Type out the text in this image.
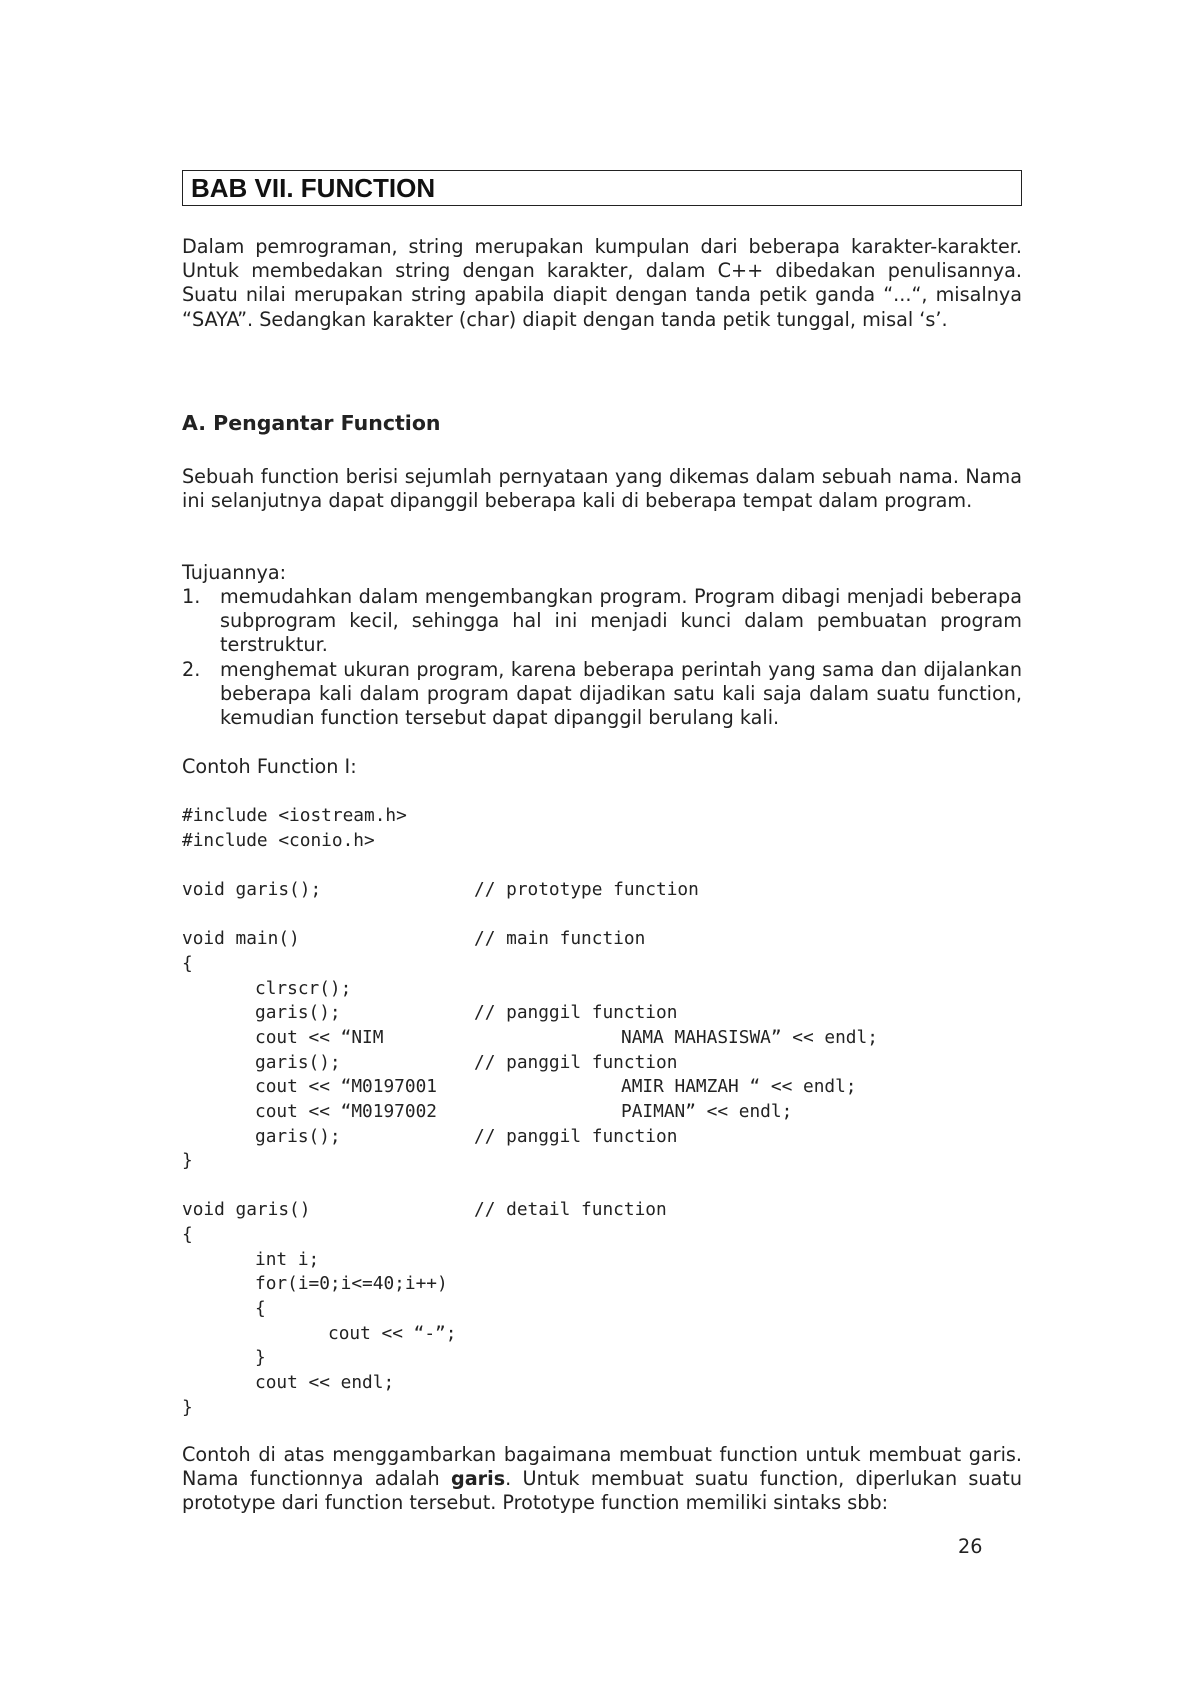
BAB VII. FUNCTION

Dalam pemrograman, string merupakan kumpulan dari beberapa karakter-karakter. Untuk membedakan string dengan karakter, dalam C++ dibedakan penulisannya. Suatu nilai merupakan string apabila diapit dengan tanda petik ganda “...“, misalnya “SAYA”. Sedangkan karakter (char) diapit dengan tanda petik tunggal, misal ‘s’.

A. Pengantar Function

Sebuah function berisi sejumlah pernyataan yang dikemas dalam sebuah nama. Nama ini selanjutnya dapat dipanggil beberapa kali di beberapa tempat dalam program.

Tujuannya:

1.	memudahkan dalam mengembangkan program. Program dibagi menjadi beberapa subprogram kecil, sehingga hal ini menjadi kunci dalam pembuatan program terstruktur.
2.	menghemat ukuran program, karena beberapa perintah yang sama dan dijalankan beberapa kali dalam program dapat dijadikan satu kali saja dalam suatu function, kemudian function tersebut dapat dipanggil berulang kali.

Contoh Function I:

#include <iostream.h>
#include <conio.h>
void garis();	// prototype function
void main()	// main function
{
clrscr();
garis();	// panggil function
cout << “NIM	NAMA MAHASISWA” << endl;
garis();	// panggil function
cout << “M0197001	AMIR HAMZAH “ << endl;
cout << “M0197002	PAIMAN” << endl;
garis();	// panggil function
}
void garis()	// detail function
{
int i;
for(i=0;i<=40;i++)
{
cout << “-”;
}
cout << endl;
}

Contoh di atas menggambarkan bagaimana membuat function untuk membuat garis. Nama functionnya adalah garis. Untuk membuat suatu function, diperlukan suatu prototype dari function tersebut. Prototype function memiliki sintaks sbb:

26
